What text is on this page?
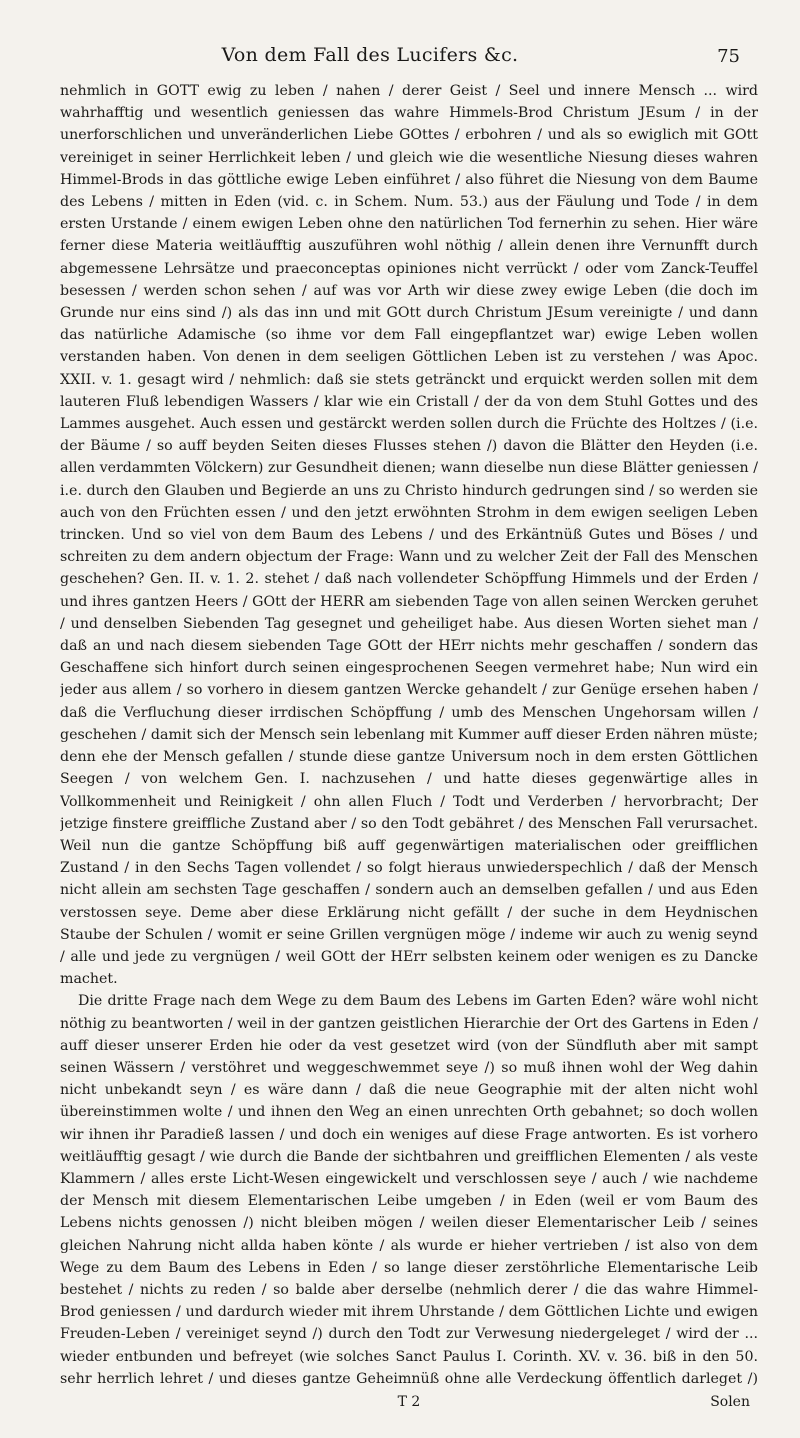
Von dem Fall des Lucifers &c.	75

nehmlich in GOTT ewig zu leben / nahen / derer Geist / Seel und innere Mensch ... wird wahrhafftig und wesentlich geniessen das wahre Himmels-Brod Christum JEsum / in der unerforschlichen und unveränderlichen Liebe GOttes / erbohren / und als so ewiglich mit GOtt vereiniget in seiner Herrlichkeit leben / und gleich wie die wesentliche Niesung dieses wahren Himmel-Brods in das göttliche ewige Leben einführet / also führet die Niesung von dem Baume des Lebens / mitten in Eden (vid. c. in Schem. Num. 53.) aus der Fäulung und Tode / in dem ersten Urstande / einem ewigen Leben ohne den natürlichen Tod fernerhin zu sehen. Hier wäre ferner diese Materia weitläufftig auszuführen wohl nöthig / allein denen ihre Vernunfft durch abgemessene Lehrsätze und praeconceptas opiniones nicht verrückt / oder vom Zanck-Teuffel besessen / werden schon sehen / auf was vor Arth wir diese zwey ewige Leben (die doch im Grunde nur eins sind /) als das inn und mit GOtt durch Christum JEsum vereinigte / und dann das natürliche Adamische (so ihme vor dem Fall eingepflantzet war) ewige Leben wollen verstanden haben. Von denen in dem seeligen Göttlichen Leben ist zu verstehen / was Apoc. XXII. v. 1. gesagt wird / nehmlich: daß sie stets getränckt und erquickt werden sollen mit dem lauteren Fluß lebendigen Wassers / klar wie ein Cristall / der da von dem Stuhl Gottes und des Lammes ausgehet. Auch essen und gestärckt werden sollen durch die Früchte des Holtzes / (i.e. der Bäume / so auff beyden Seiten dieses Flusses stehen /) davon die Blätter den Heyden (i.e. allen verdammten Völckern) zur Gesundheit dienen; wann dieselbe nun diese Blätter geniessen / i.e. durch den Glauben und Begierde an uns zu Christo hindurch gedrungen sind / so werden sie auch von den Früchten essen / und den jetzt erwöhnten Strohm in dem ewigen seeligen Leben trincken. Und so viel von dem Baum des Lebens / und des Erkäntnüß Gutes und Böses / und schreiten zu dem andern objectum der Frage: Wann und zu welcher Zeit der Fall des Menschen geschehen? Gen. II. v. 1. 2. stehet / daß nach vollendeter Schöpffung Himmels und der Erden / und ihres gantzen Heers / GOtt der HERR am siebenden Tage von allen seinen Wercken geruhet / und denselben Siebenden Tag gesegnet und geheiliget habe. Aus diesen Worten siehet man / daß an und nach diesem siebenden Tage GOtt der HErr nichts mehr geschaffen / sondern das Geschaffene sich hinfort durch seinen eingesprochenen Seegen vermehret habe; Nun wird ein jeder aus allem / so vorhero in diesem gantzen Wercke gehandelt / zur Genüge ersehen haben / daß die Verfluchung dieser irrdischen Schöpffung / umb des Menschen Ungehorsam willen / geschehen / damit sich der Mensch sein lebenlang mit Kummer auff dieser Erden nähren müste; denn ehe der Mensch gefallen / stunde diese gantze Universum noch in dem ersten Göttlichen Seegen / von welchem Gen. I. nachzusehen / und hatte dieses gegenwärtige alles in Vollkommenheit und Reinigkeit / ohn allen Fluch / Todt und Verderben / hervorbracht; Der jetzige finstere greiffliche Zustand aber / so den Todt gebähret / des Menschen Fall verursachet. Weil nun die gantze Schöpffung biß auff gegenwärtigen materialischen oder greifflichen Zustand / in den Sechs Tagen vollendet / so folgt hieraus unwiederspechlich / daß der Mensch nicht allein am sechsten Tage geschaffen / sondern auch an demselben gefallen / und aus Eden verstossen seye. Deme aber diese Erklärung nicht gefällt / der suche in dem Heydnischen Staube der Schulen / womit er seine Grillen vergnügen möge / indeme wir auch zu wenig seynd / alle und jede zu vergnügen / weil GOtt der HErr selbsten keinem oder wenigen es zu Dancke machet.

Die dritte Frage nach dem Wege zu dem Baum des Lebens im Garten Eden? wäre wohl nicht nöthig zu beantworten / weil in der gantzen geistlichen Hierarchie der Ort des Gartens in Eden / auff dieser unserer Erden hie oder da vest gesetzet wird (von der Sündfluth aber mit sampt seinen Wässern / verstöhret und weggeschwemmet seye /) so muß ihnen wohl der Weg dahin nicht unbekandt seyn / es wäre dann / daß die neue Geographie mit der alten nicht wohl übereinstimmen wolte / und ihnen den Weg an einen unrechten Orth gebahnet; so doch wollen wir ihnen ihr Paradieß lassen / und doch ein weniges auf diese Frage antworten. Es ist vorhero weitläufftig gesagt / wie durch die Bande der sichtbahren und greifflichen Elementen / als veste Klammern / alles erste Licht-Wesen eingewickelt und verschlossen seye / auch / wie nachdeme der Mensch mit diesem Elementarischen Leibe umgeben / in Eden (weil er vom Baum des Lebens nichts genossen /) nicht bleiben mögen / weilen dieser Elementarischer Leib / seines gleichen Nahrung nicht allda haben könte / als wurde er hieher vertrieben / ist also von dem Wege zu dem Baum des Lebens in Eden / so lange dieser zerstöhrliche Elementarische Leib bestehet / nichts zu reden / so balde aber derselbe (nehmlich derer / die das wahre Himmel-Brod geniessen / und dardurch wieder mit ihrem Uhrstande / dem Göttlichen Lichte und ewigen Freuden-Leben / vereiniget seynd /) durch den Todt zur Verwesung niedergeleget / wird der ... wieder entbunden und befreyet (wie solches Sanct Paulus I. Corinth. XV. v. 36. biß in den 50. sehr herrlich lehret / und dieses gantze Geheimnüß ohne alle Verdeckung öffentlich darleget /)

T 2	Solen
